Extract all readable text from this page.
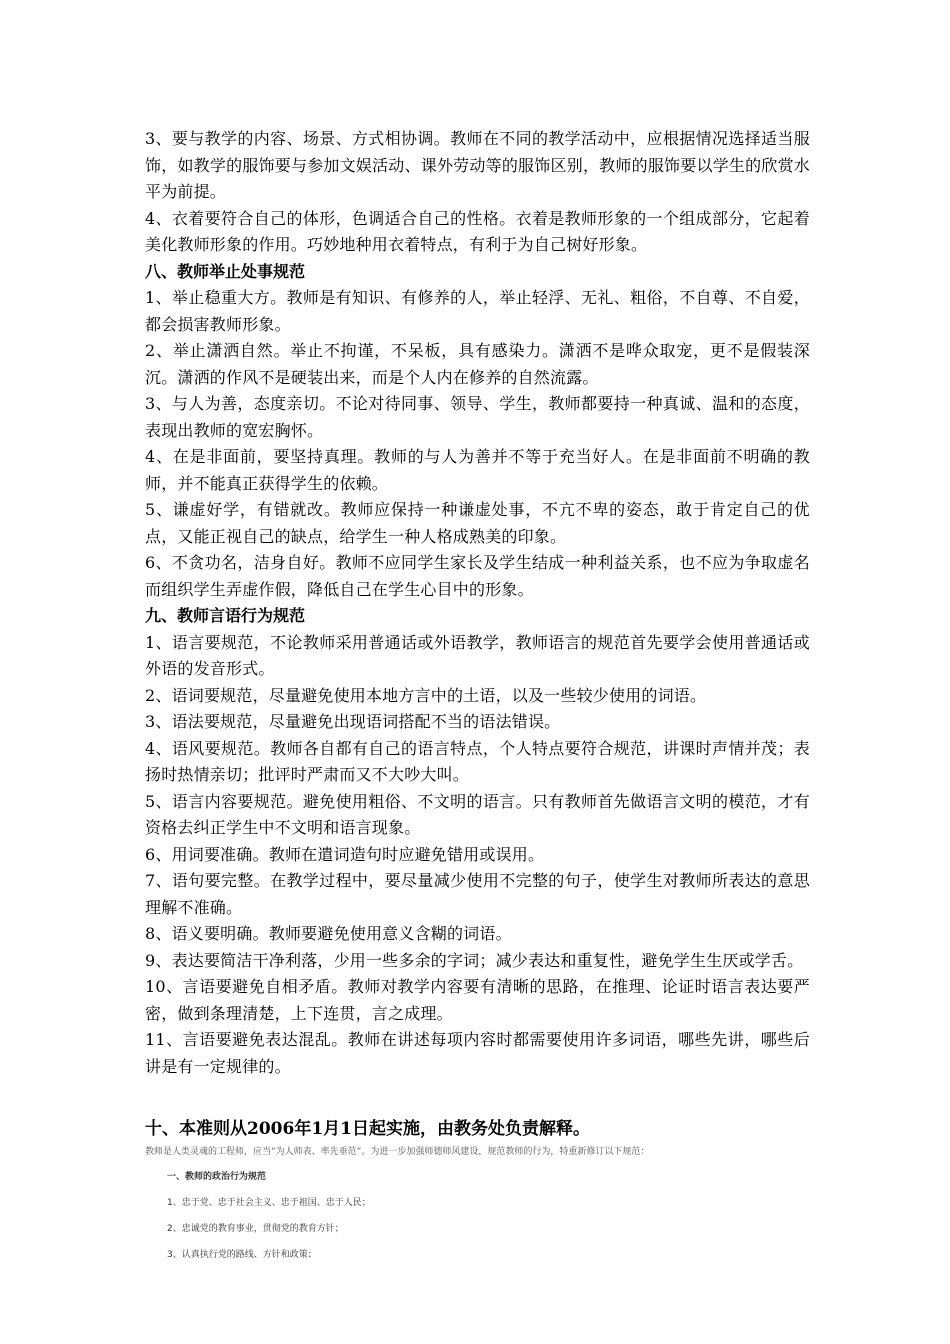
3、要与教学的内容、场景、方式相协调。教师在不同的教学活动中，应根据情况选择适当服饰，如教学的服饰要与参加文娱活动、课外劳动等的服饰区别，教师的服饰要以学生的欣赏水平为前提。

4、衣着要符合自己的体形，色调适合自己的性格。衣着是教师形象的一个组成部分，它起着美化教师形象的作用。巧妙地种用衣着特点，有利于为自己树好形象。

八、教师举止处事规范

1、举止稳重大方。教师是有知识、有修养的人，举止轻浮、无礼、粗俗，不自尊、不自爱，都会损害教师形象。

2、举止潇洒自然。举止不拘谨，不呆板，具有感染力。潇洒不是哗众取宠，更不是假装深沉。潇洒的作风不是硬装出来，而是个人内在修养的自然流露。

3、与人为善，态度亲切。不论对待同事、领导、学生，教师都要持一种真诚、温和的态度，表现出教师的宽宏胸怀。

4、在是非面前，要坚持真理。教师的与人为善并不等于充当好人。在是非面前不明确的教师，并不能真正获得学生的依赖。

5、谦虚好学，有错就改。教师应保持一种谦虚处事，不亢不卑的姿态，敢于肯定自己的优点，又能正视自己的缺点，给学生一种人格成熟美的印象。

6、不贪功名，洁身自好。教师不应同学生家长及学生结成一种利益关系，也不应为争取虚名而组织学生弄虚作假，降低自己在学生心目中的形象。

九、教师言语行为规范

1、语言要规范，不论教师采用普通话或外语教学，教师语言的规范首先要学会使用普通话或外语的发音形式。

2、语词要规范，尽量避免使用本地方言中的土语，以及一些较少使用的词语。

3、语法要规范，尽量避免出现语词搭配不当的语法错误。

4、语风要规范。教师各自都有自己的语言特点，个人特点要符合规范，讲课时声情并茂；表扬时热情亲切；批评时严肃而又不大吵大叫。

5、语言内容要规范。避免使用粗俗、不文明的语言。只有教师首先做语言文明的模范，才有资格去纠正学生中不文明和语言现象。

6、用词要准确。教师在遣词造句时应避免错用或误用。

7、语句要完整。在教学过程中，要尽量减少使用不完整的句子，使学生对教师所表达的意思理解不准确。

8、语义要明确。教师要避免使用意义含糊的词语。

9、表达要简洁干净利落，少用一些多余的字词；减少表达和重复性，避免学生生厌或学舌。

10、言语要避免自相矛盾。教师对教学内容要有清晰的思路，在推理、论证时语言表达要严密，做到条理清楚，上下连贯，言之成理。

11、言语要避免表达混乱。教师在讲述每项内容时都需要使用许多词语，哪些先讲，哪些后讲是有一定规律的。

十、本准则从2006年1月1日起实施，由教务处负责解释。

教师是人类灵魂的工程师，应当“为人师表、率先垂范”。为进一步加强师德师风建设，规范教师的行为，特重新修订以下规范：

一、教师的政治行为规范

1、忠于党、忠于社会主义、忠于祖国、忠于人民；

2、忠诚党的教育事业，贯彻党的教育方针；

3、认真执行党的路线、方针和政策；
